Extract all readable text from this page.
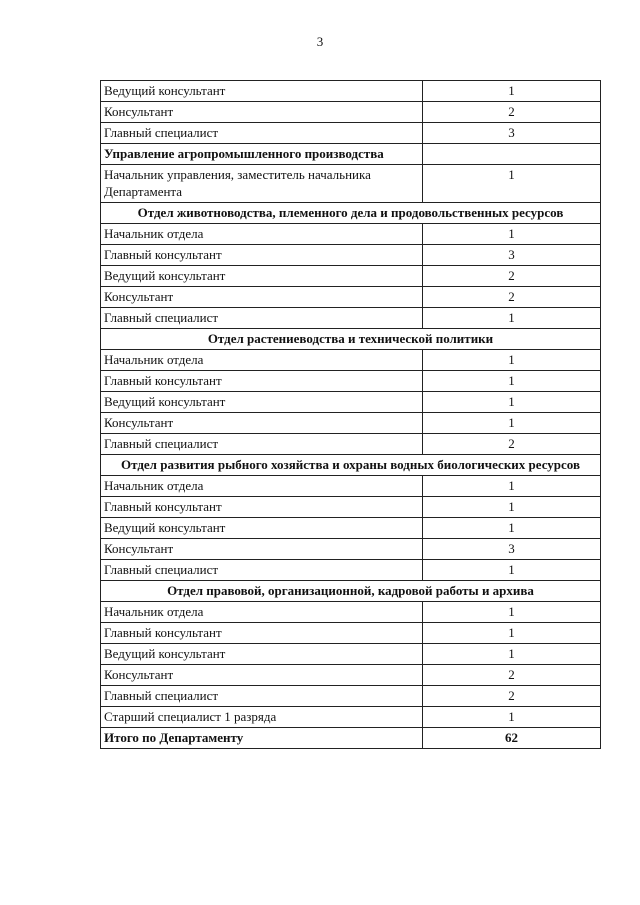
3
Ведущий консультант	1
Консультант	2
Главный специалист	3
Управление агропромышленного производства	
Начальник управления, заместитель начальника Департамента	1
Отдел животноводства, племенного дела и продовольственных ресурсов	
Начальник отдела	1
Главный консультант	3
Ведущий консультант	2
Консультант	2
Главный специалист	1
Отдел растениеводства и технической политики	
Начальник отдела	1
Главный консультант	1
Ведущий консультант	1
Консультант	1
Главный специалист	2
Отдел развития рыбного хозяйства и охраны водных биологических ресурсов	
Начальник отдела	1
Главный консультант	1
Ведущий консультант	1
Консультант	3
Главный специалист	1
Отдел правовой, организационной, кадровой работы и архива	
Начальник отдела	1
Главный консультант	1
Ведущий консультант	1
Консультант	2
Главный специалист	2
Старший специалист 1 разряда	1
Итого по Департаменту	62
